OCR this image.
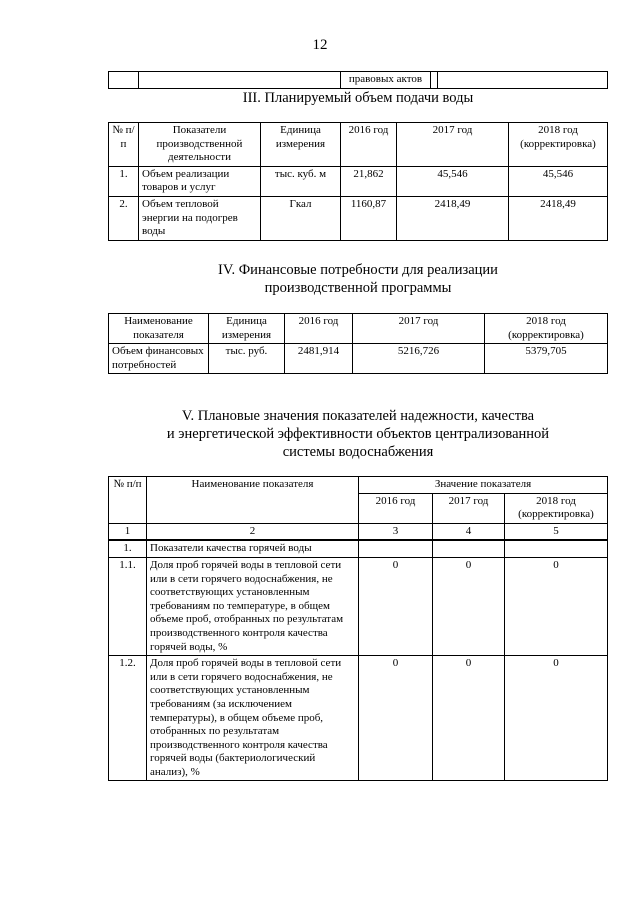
12
		правовых актов		
III. Планируемый объем подачи воды
№ п/п	Показатели производственной деятельности	Единица измерения	2016 год	2017 год	2018 год (корректировка)
1.	Объем реализации товаров и услуг	тыс. куб. м	21,862	45,546	45,546
2.	Объем тепловой энергии на подогрев воды	Гкал	1160,87	2418,49	2418,49
IV. Финансовые потребности для реализации
производственной программы
Наименование показателя	Единица измерения	2016 год	2017 год	2018 год (корректировка)
Объем финансовых потребностей	тыс. руб.	2481,914	5216,726	5379,705
V. Плановые значения показателей надежности, качества
и энергетической эффективности объектов централизованной
системы водоснабжения
№ п/п	Наименование показателя	Значение показателя		
		2016 год	2017 год	2018 год (корректировка)
1	2	3	4	5
1.	Показатели качества горячей воды			
1.1.	Доля проб горячей воды в тепловой сети или в сети горячего водоснабжения, не соответствующих установленным требованиям по температуре, в общем объеме проб, отобранных по результатам производственного контроля качества горячей воды, %	0	0	0
1.2.	Доля проб горячей воды в тепловой сети или в сети горячего водоснабжения, не соответствующих установленным требованиям (за исключением температуры), в общем объеме проб, отобранных по результатам производственного контроля качества горячей воды (бактериологический анализ), %	0	0	0
